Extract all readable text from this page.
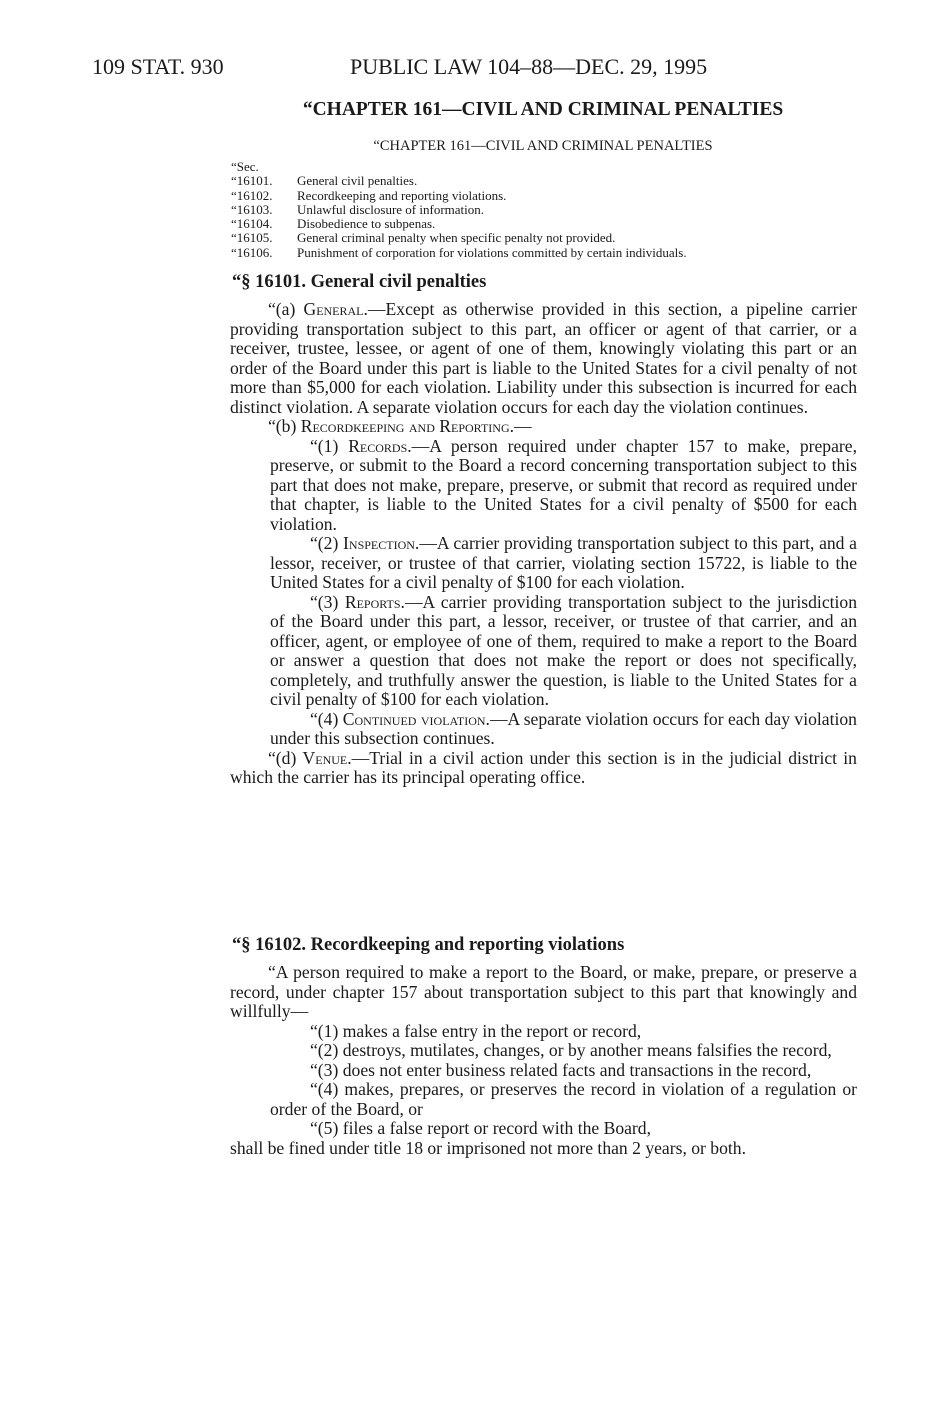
109 STAT. 930	PUBLIC LAW 104–88—DEC. 29, 1995
“CHAPTER 161—CIVIL AND CRIMINAL PENALTIES
“CHAPTER 161—CIVIL AND CRIMINAL PENALTIES
“Sec.
“16101. General civil penalties.
“16102. Recordkeeping and reporting violations.
“16103. Unlawful disclosure of information.
“16104. Disobedience to subpenas.
“16105. General criminal penalty when specific penalty not provided.
“16106. Punishment of corporation for violations committed by certain individuals.
“§ 16101. General civil penalties

“(a) General.—Except as otherwise provided in this section, a pipeline carrier providing transportation subject to this part, an officer or agent of that carrier, or a receiver, trustee, lessee, or agent of one of them, knowingly violating this part or an order of the Board under this part is liable to the United States for a civil penalty of not more than $5,000 for each violation. Liability under this subsection is incurred for each distinct violation. A separate violation occurs for each day the violation continues.

“(b) Recordkeeping and Reporting.—

“(1) Records.—A person required under chapter 157 to make, prepare, preserve, or submit to the Board a record concerning transportation subject to this part that does not make, prepare, preserve, or submit that record as required under that chapter, is liable to the United States for a civil penalty of $500 for each violation.

“(2) Inspection.—A carrier providing transportation subject to this part, and a lessor, receiver, or trustee of that carrier, violating section 15722, is liable to the United States for a civil penalty of $100 for each violation.

“(3) Reports.—A carrier providing transportation subject to the jurisdiction of the Board under this part, a lessor, receiver, or trustee of that carrier, and an officer, agent, or employee of one of them, required to make a report to the Board or answer a question that does not make the report or does not specifically, completely, and truthfully answer the question, is liable to the United States for a civil penalty of $100 for each violation.

“(4) Continued violation.—A separate violation occurs for each day violation under this subsection continues.

“(d) Venue.—Trial in a civil action under this section is in the judicial district in which the carrier has its principal operating office.

“§ 16102. Recordkeeping and reporting violations

“A person required to make a report to the Board, or make, prepare, or preserve a record, under chapter 157 about transportation subject to this part that knowingly and willfully—

“(1) makes a false entry in the report or record,

“(2) destroys, mutilates, changes, or by another means falsifies the record,

“(3) does not enter business related facts and transactions in the record,

“(4) makes, prepares, or preserves the record in violation of a regulation or order of the Board, or

“(5) files a false report or record with the Board,

shall be fined under title 18 or imprisoned not more than 2 years, or both.
